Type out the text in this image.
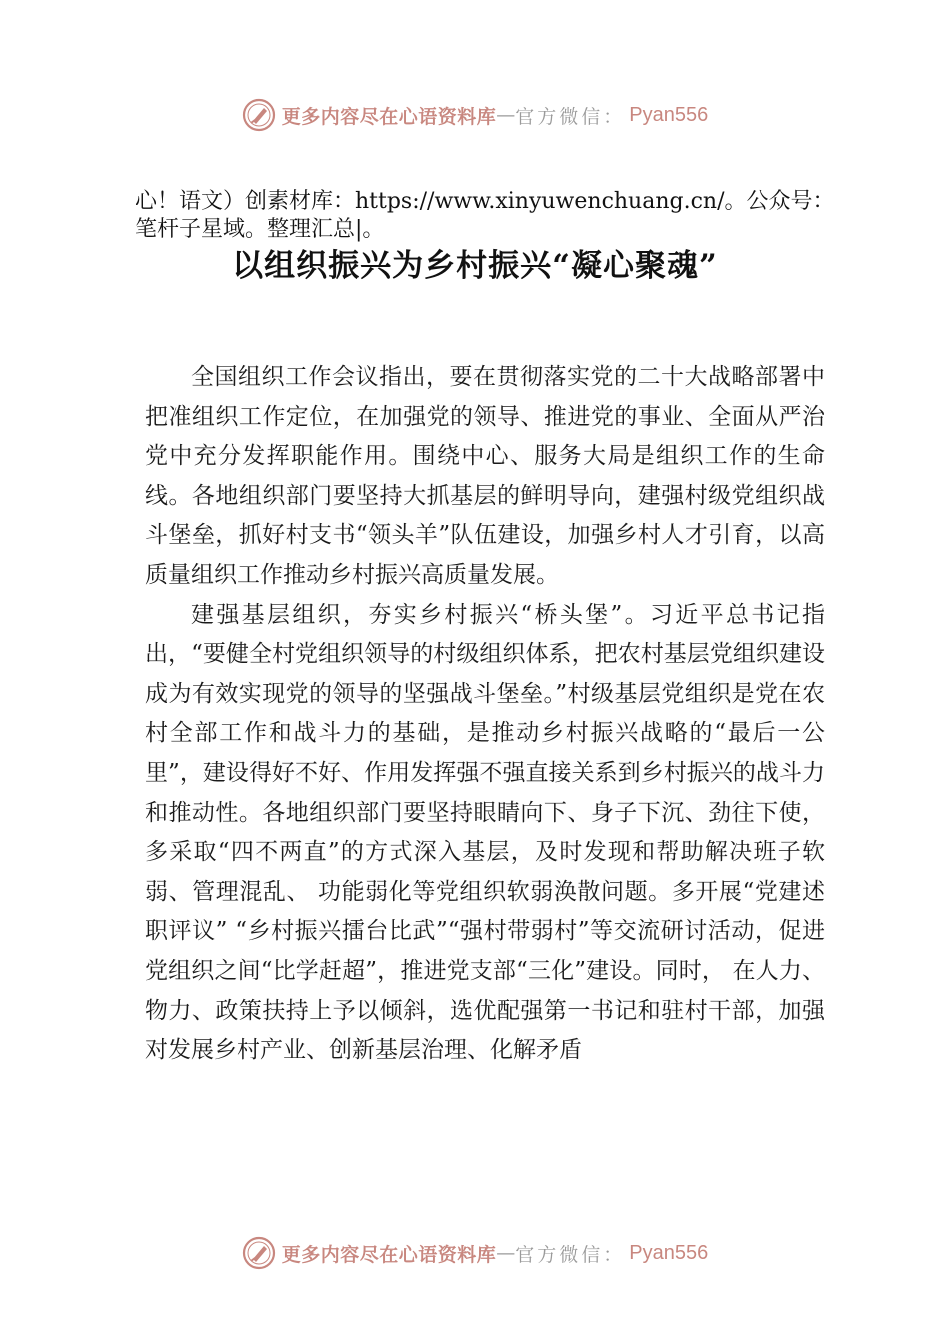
更多内容尽在心语资料库 — 官方微信： Pyan556
心！语文）创素材库：https://www.xinyuwenchuang.cn/。公众号：笔杆子星域。整理汇总|。
以组织振兴为乡村振兴“凝心聚魂”

全国组织工作会议指出，要在贯彻落实党的二十大战略部署中把准组织工作定位，在加强党的领导、推进党的事业、全面从严治党中充分发挥职能作用。围绕中心、服务大局是组织工作的生命线。各地组织部门要坚持大抓基层的鲜明导向，建强村级党组织战斗堡垒，抓好村支书“领头羊”队伍建设，加强乡村人才引育，以高质量组织工作推动乡村振兴高质量发展。

建强基层组织，夯实乡村振兴“桥头堡”。习近平总书记指出，“要健全村党组织领导的村级组织体系，把农村基层党组织建设成为有效实现党的领导的坚强战斗堡垒。”村级基层党组织是党在农村全部工作和战斗力的基础，是推动乡村振兴战略的“最后一公里”，建设得好不好、作用发挥强不强直接关系到乡村振兴的战斗力和推动性。各地组织部门要坚持眼睛向下、身子下沉、劲往下使，多采取“四不两直”的方式深入基层，及时发现和帮助解决班子软弱、管理混乱、 功能弱化等党组织软弱涣散问题。多开展“党建述职评议” “乡村振兴擂台比武”“强村带弱村”等交流研讨活动，促进党组织之间“比学赶超”，推进党支部“三化”建设。同时， 在人力、物力、政策扶持上予以倾斜，选优配强第一书记和驻村干部，加强对发展乡村产业、创新基层治理、化解矛盾

更多内容尽在心语资料库 — 官方微信： Pyan556
